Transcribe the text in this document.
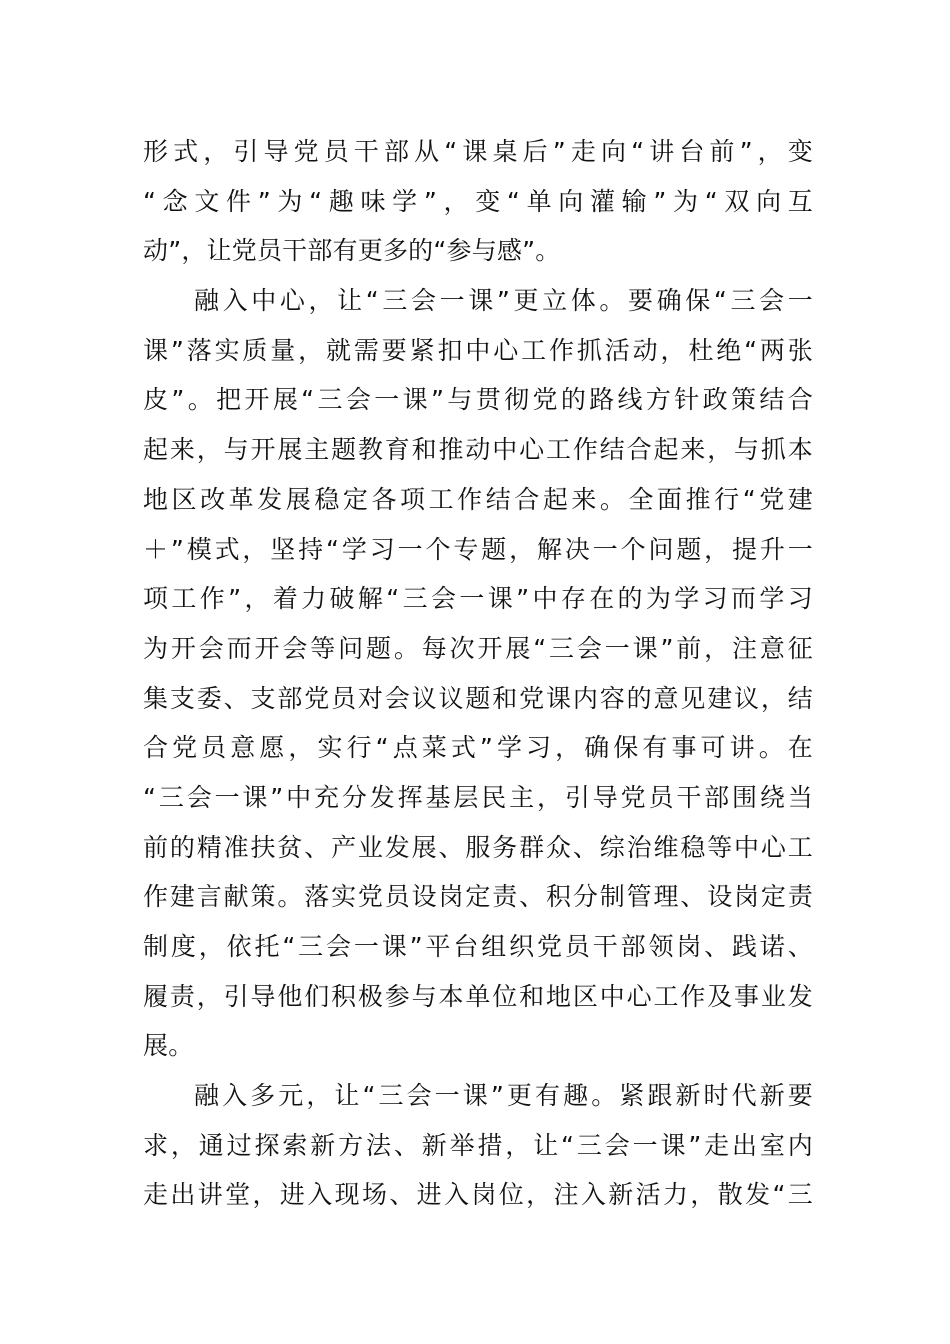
形式，引导党员干部从“课桌后”走向“讲台前”，变
“念文件”为“趣味学”，变“单向灌输”为“双向互
动”，让党员干部有更多的“参与感”。
融入中心，让“三会一课”更立体。要确保“三会一
课”落实质量，就需要紧扣中心工作抓活动，杜绝“两张
皮”。把开展“三会一课”与贯彻党的路线方针政策结合
起来，与开展主题教育和推动中心工作结合起来，与抓本
地区改革发展稳定各项工作结合起来。全面推行“党建
＋”模式，坚持“学习一个专题，解决一个问题，提升一
项工作”，着力破解“三会一课”中存在的为学习而学习
为开会而开会等问题。每次开展“三会一课”前，注意征
集支委、支部党员对会议议题和党课内容的意见建议，结
合党员意愿，实行“点菜式”学习，确保有事可讲。在
“三会一课”中充分发挥基层民主，引导党员干部围绕当
前的精准扶贫、产业发展、服务群众、综治维稳等中心工
作建言献策。落实党员设岗定责、积分制管理、设岗定责
制度，依托“三会一课”平台组织党员干部领岗、践诺、
履责，引导他们积极参与本单位和地区中心工作及事业发
展。
融入多元，让“三会一课”更有趣。紧跟新时代新要
求，通过探索新方法、新举措，让“三会一课”走出室内
走出讲堂，进入现场、进入岗位，注入新活力，散发“三
